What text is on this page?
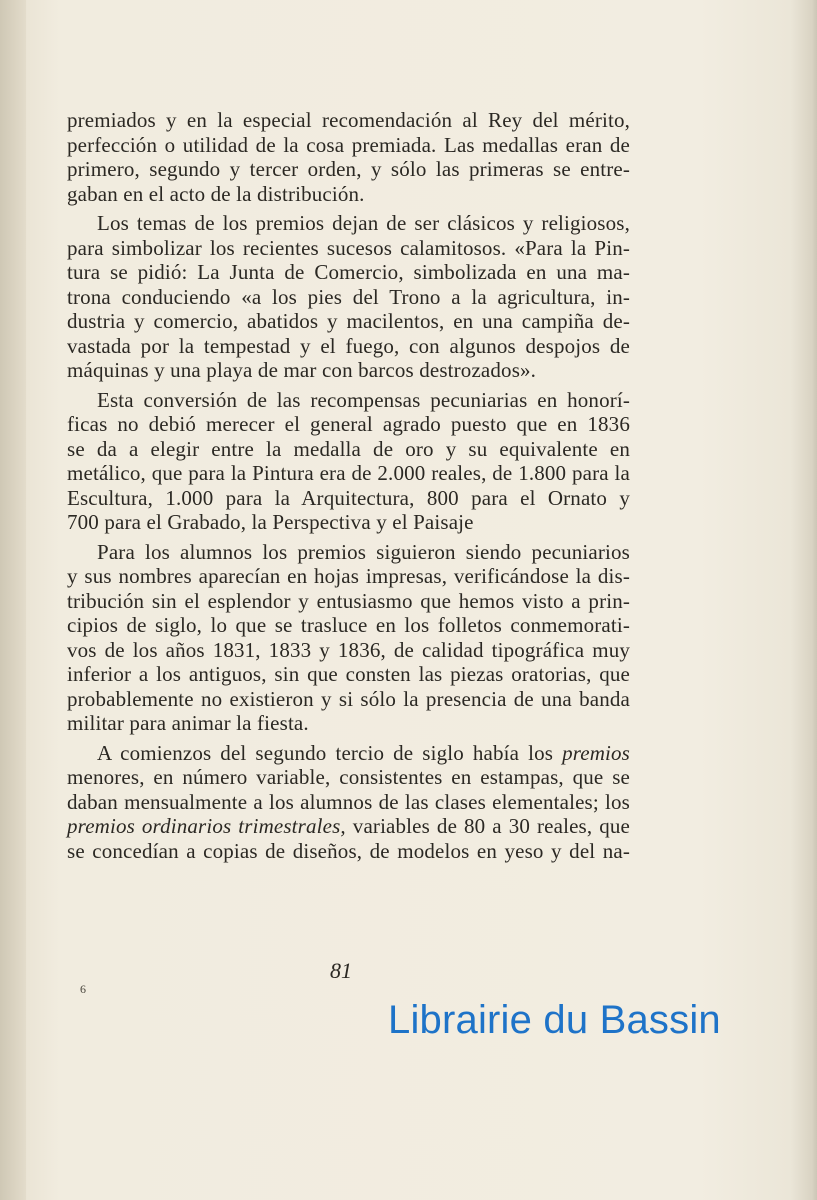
premiados y en la especial recomendación al Rey del mérito,
perfección o utilidad de la cosa premiada. Las medallas eran de
primero, segundo y tercer orden, y sólo las primeras se entre-
gaban en el acto de la distribución.
Los temas de los premios dejan de ser clásicos y religiosos,
para simbolizar los recientes sucesos calamitosos. «Para la Pin-
tura se pidió: La Junta de Comercio, simbolizada en una ma-
trona conduciendo «a los pies del Trono a la agricultura, in-
dustria y comercio, abatidos y macilentos, en una campiña de-
vastada por la tempestad y el fuego, con algunos despojos de
máquinas y una playa de mar con barcos destrozados».
Esta conversión de las recompensas pecuniarias en honorí-
ficas no debió merecer el general agrado puesto que en 1836
se da a elegir entre la medalla de oro y su equivalente en
metálico, que para la Pintura era de 2.000 reales, de 1.800 para la
Escultura, 1.000 para la Arquitectura, 800 para el Ornato y
700 para el Grabado, la Perspectiva y el Paisaje
Para los alumnos los premios siguieron siendo pecuniarios
y sus nombres aparecían en hojas impresas, verificándose la dis-
tribución sin el esplendor y entusiasmo que hemos visto a prin-
cipios de siglo, lo que se trasluce en los folletos conmemorati-
vos de los años 1831, 1833 y 1836, de calidad tipográfica muy
inferior a los antiguos, sin que consten las piezas oratorias, que
probablemente no existieron y si sólo la presencia de una banda
militar para animar la fiesta.
A comienzos del segundo tercio de siglo había los premios
menores, en número variable, consistentes en estampas, que se
daban mensualmente a los alumnos de las clases elementales; los
premios ordinarios trimestrales, variables de 80 a 30 reales, que
se concedían a copias de diseños, de modelos en yeso y del na-
81
6
Librairie du Bassin
